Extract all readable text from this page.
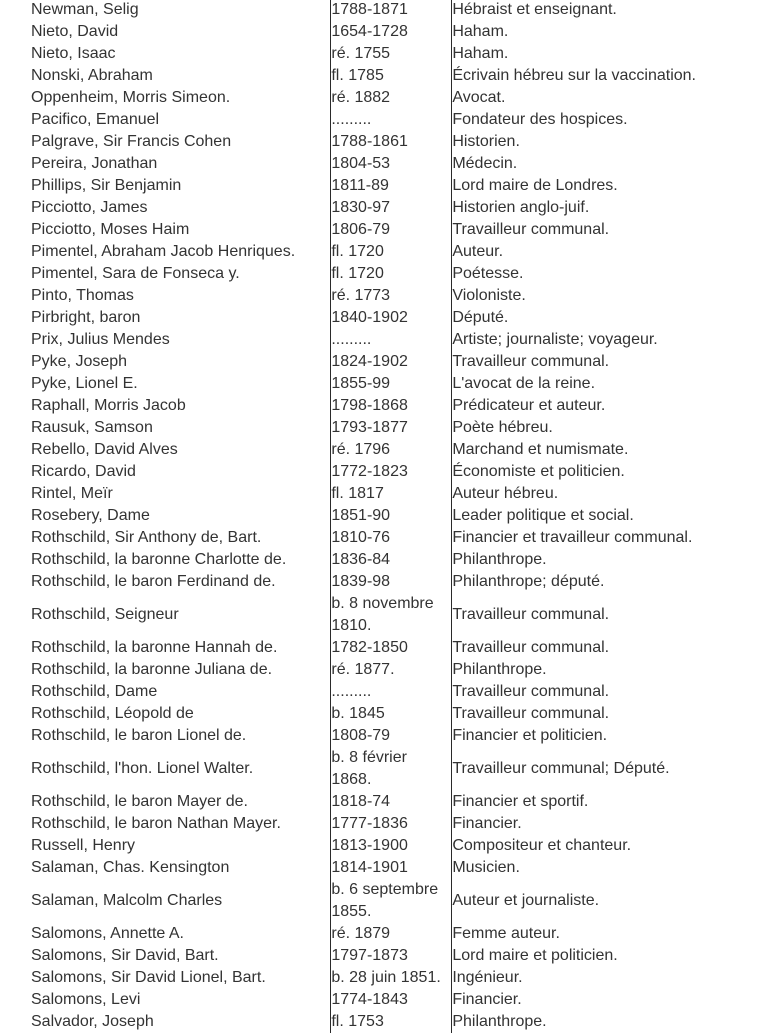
Newman, Selig	1788-1871	Hébraist et enseignant.
Nieto, David	1654-1728	Haham.
Nieto, Isaac	ré. 1755	Haham.
Nonski, Abraham	fl. 1785	Écrivain hébreu sur la vaccination.
Oppenheim, Morris Simeon.	ré. 1882	Avocat.
Pacifico, Emanuel	.........	Fondateur des hospices.
Palgrave, Sir Francis Cohen	1788-1861	Historien.
Pereira, Jonathan	1804-53	Médecin.
Phillips, Sir Benjamin	1811-89	Lord maire de Londres.
Picciotto, James	1830-97	Historien anglo-juif.
Picciotto, Moses Haim	1806-79	Travailleur communal.
Pimentel, Abraham Jacob Henriques.	fl. 1720	Auteur.
Pimentel, Sara de Fonseca y.	fl. 1720	Poétesse.
Pinto, Thomas	ré. 1773	Violoniste.
Pirbright, baron	1840-1902	Député.
Prix, Julius Mendes	.........	Artiste; journaliste; voyageur.
Pyke, Joseph	1824-1902	Travailleur communal.
Pyke, Lionel E.	1855-99	L'avocat de la reine.
Raphall, Morris Jacob	1798-1868	Prédicateur et auteur.
Rausuk, Samson	1793-1877	Poète hébreu.
Rebello, David Alves	ré. 1796	Marchand et numismate.
Ricardo, David	1772-1823	Économiste et politicien.
Rintel, Meïr	fl. 1817	Auteur hébreu.
Rosebery, Dame	1851-90	Leader politique et social.
Rothschild, Sir Anthony de, Bart.	1810-76	Financier et travailleur communal.
Rothschild, la baronne Charlotte de.	1836-84	Philanthrope.
Rothschild, le baron Ferdinand de.	1839-98	Philanthrope; député.
Rothschild, Seigneur	b. 8 novembre 1810.	Travailleur communal.
Rothschild, la baronne Hannah de.	1782-1850	Travailleur communal.
Rothschild, la baronne Juliana de.	ré. 1877.	Philanthrope.
Rothschild, Dame	.........	Travailleur communal.
Rothschild, Léopold de	b. 1845	Travailleur communal.
Rothschild, le baron Lionel de.	1808-79	Financier et politicien.
Rothschild, l'hon. Lionel Walter.	b. 8 février 1868.	Travailleur communal; Député.
Rothschild, le baron Mayer de.	1818-74	Financier et sportif.
Rothschild, le baron Nathan Mayer.	1777-1836	Financier.
Russell, Henry	1813-1900	Compositeur et chanteur.
Salaman, Chas. Kensington	1814-1901	Musicien.
Salaman, Malcolm Charles	b. 6 septembre 1855.	Auteur et journaliste.
Salomons, Annette A.	ré. 1879	Femme auteur.
Salomons, Sir David, Bart.	1797-1873	Lord maire et politicien.
Salomons, Sir David Lionel, Bart.	b. 28 juin 1851.	Ingénieur.
Salomons, Levi	1774-1843	Financier.
Salvador, Joseph	fl. 1753	Philanthrope.
